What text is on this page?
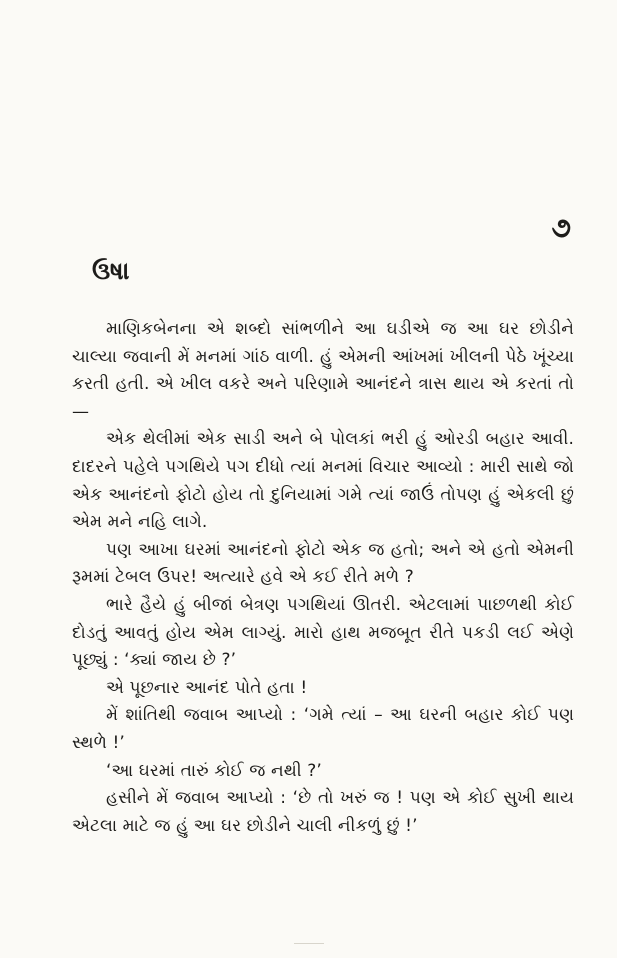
૭
ઉષા

માણિકબેનના એ શબ્દો સાંભળીને આ ઘડીએ જ આ ઘર છોડીને ચાલ્યા જવાની મેં મનમાં ગાંઠ વાળી. હું એમની આંખમાં ખીલની પેઠે ખૂંચ્યા કરતી હતી. એ ખીલ વકરે અને પરિણામે આનંદને ત્રાસ થાય એ કરતાં તો—

એક થેલીમાં એક સાડી અને બે પોલકાં ભરી હું ઓરડી બહાર આવી. દાદરને પહેલે પગથિયે પગ દીધો ત્યાં મનમાં વિચાર આવ્યો : મારી સાથે જો એક આનંદનો ફોટો હોય તો દુનિયામાં ગમે ત્યાં જાઉં તોપણ હું એકલી છું એમ મને નહિ લાગે.

પણ આખા ઘરમાં આનંદનો ફોટો એક જ હતો; અને એ હતો એમની રૂમમાં ટેબલ ઉપર! અત્યારે હવે એ કઈ રીતે મળે ?

ભારે હૈયે હું બીજાં બેત્રણ પગથિયાં ઊતરી. એટલામાં પાછળથી કોઈ દોડતું આવતું હોય એમ લાગ્યું. મારો હાથ મજબૂત રીતે પકડી લઈ એણે પૂછ્યું : ‘ક્યાં જાય છે ?’

એ પૂછનાર આનંદ પોતે હતા !

મેં શાંતિથી જવાબ આપ્યો : ‘ગમે ત્યાં – આ ઘરની બહાર કોઈ પણ સ્થળે !’

‘આ ઘરમાં તારું કોઈ જ નથી ?’

હસીને મેં જવાબ આપ્યો : ‘છે તો ખરું જ ! પણ એ કોઈ સુખી થાય એટલા માટે જ હું આ ઘર છોડીને ચાલી નીકળું છું !’
